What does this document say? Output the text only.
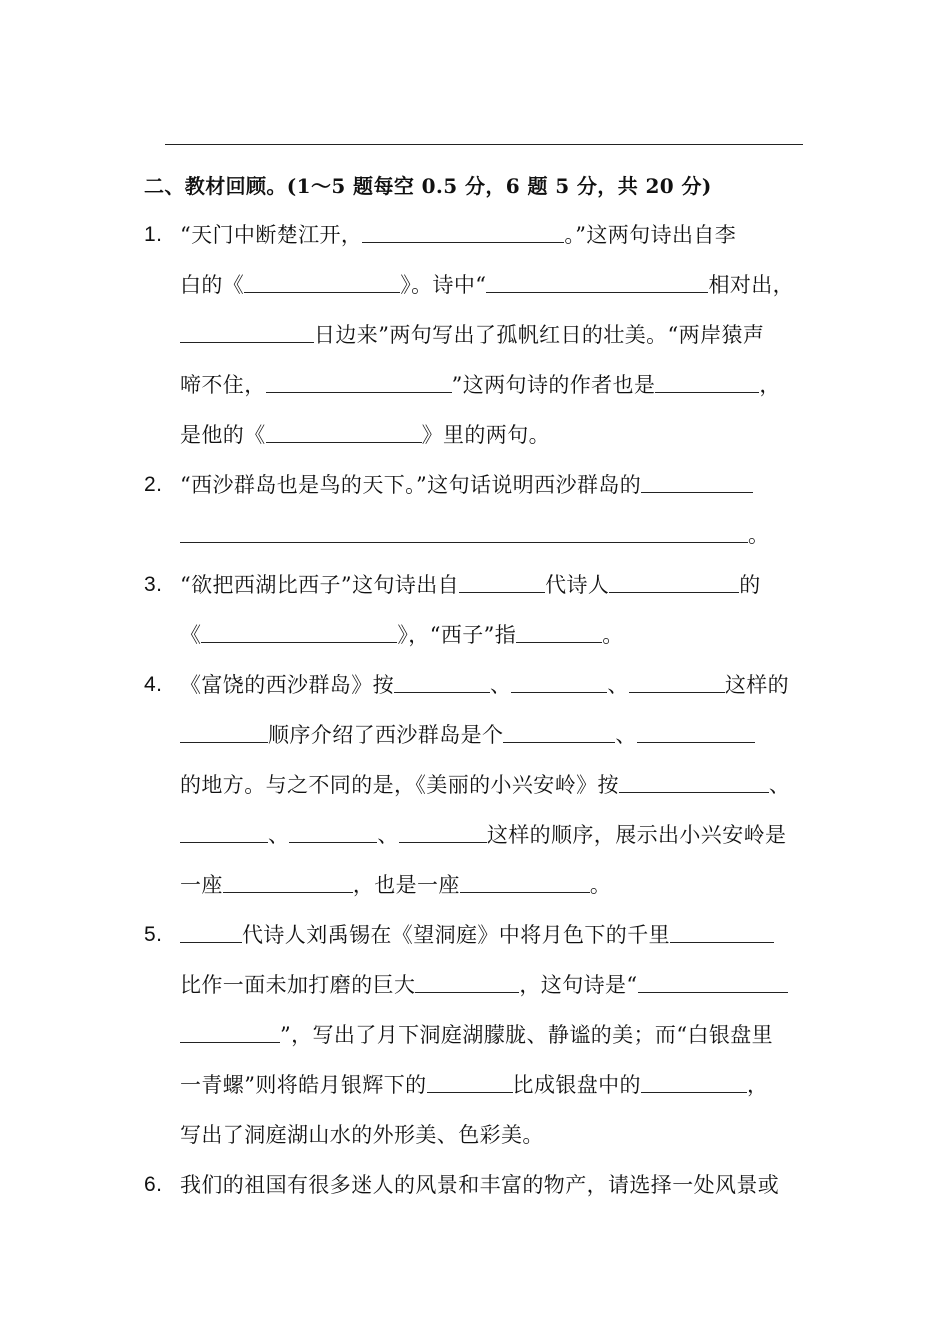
二、教材回顾。(1～5 题每空 0.5 分，6 题 5 分，共 20 分)
1. “天门中断楚江开，	。”这两句诗出自李
白的《	》。诗中“	相对出，
日边来”两句写出了孤帆红日的壮美。“两岸猿声
啼不住，	”这两句诗的作者也是	，
是他的《	》里的两句。
2. “西沙群岛也是鸟的天下。”这句话说明西沙群岛的
。
3. “欲把西湖比西子”这句诗出自	代诗人	的
《	》，“西子”指	。
4. 《富饶的西沙群岛》按	、	、	这样的
顺序介绍了西沙群岛是个	、
的地方。与之不同的是，《美丽的小兴安岭》按	、
、	、	这样的顺序，展示出小兴安岭是
一座	，也是一座	。
5.	代诗人刘禹锡在《望洞庭》中将月色下的千里
比作一面未加打磨的巨大	，这句诗是“
”，写出了月下洞庭湖朦胧、静谧的美；而“白银盘里
一青螺”则将皓月银辉下的	比成银盘中的	，
写出了洞庭湖山水的外形美、色彩美。
6. 我们的祖国有很多迷人的风景和丰富的物产，请选择一处风景或
